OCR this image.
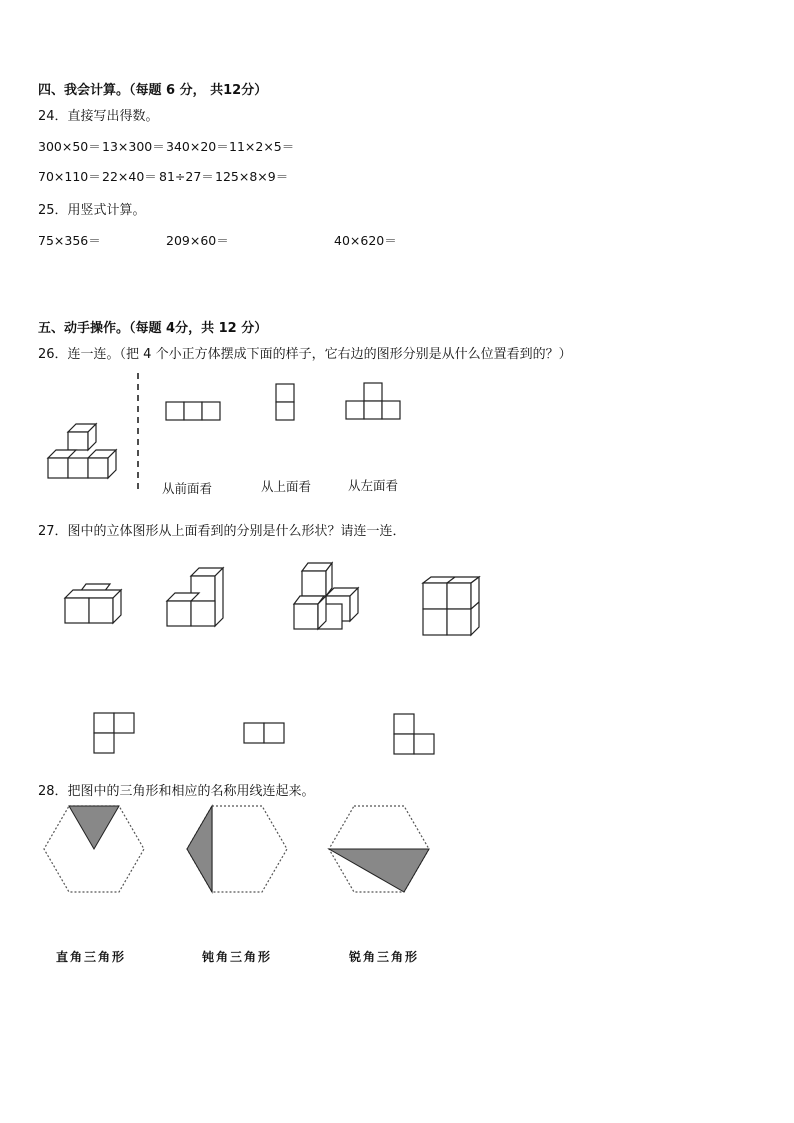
四、我会计算。（每题 6 分， 共12分）
24．直接写出得数。
300×50＝ 13×300＝ 340×20＝ 11×2×5＝
70×110＝ 22×40＝ 81÷27＝ 125×8×9＝
25．用竖式计算。
75×356＝	209×60＝	40×620＝
五、动手操作。（每题 4分，共 12 分）
26．连一连。（把 4 个小正方体摆成下面的样子，它右边的图形分别是从什么位置看到的？）
从前面看	从上面看	从左面看
27．图中的立体图形从上面看到的分别是什么形状？请连一连．
28．把图中的三角形和相应的名称用线连起来。
直角三角形	钝角三角形	锐角三角形
